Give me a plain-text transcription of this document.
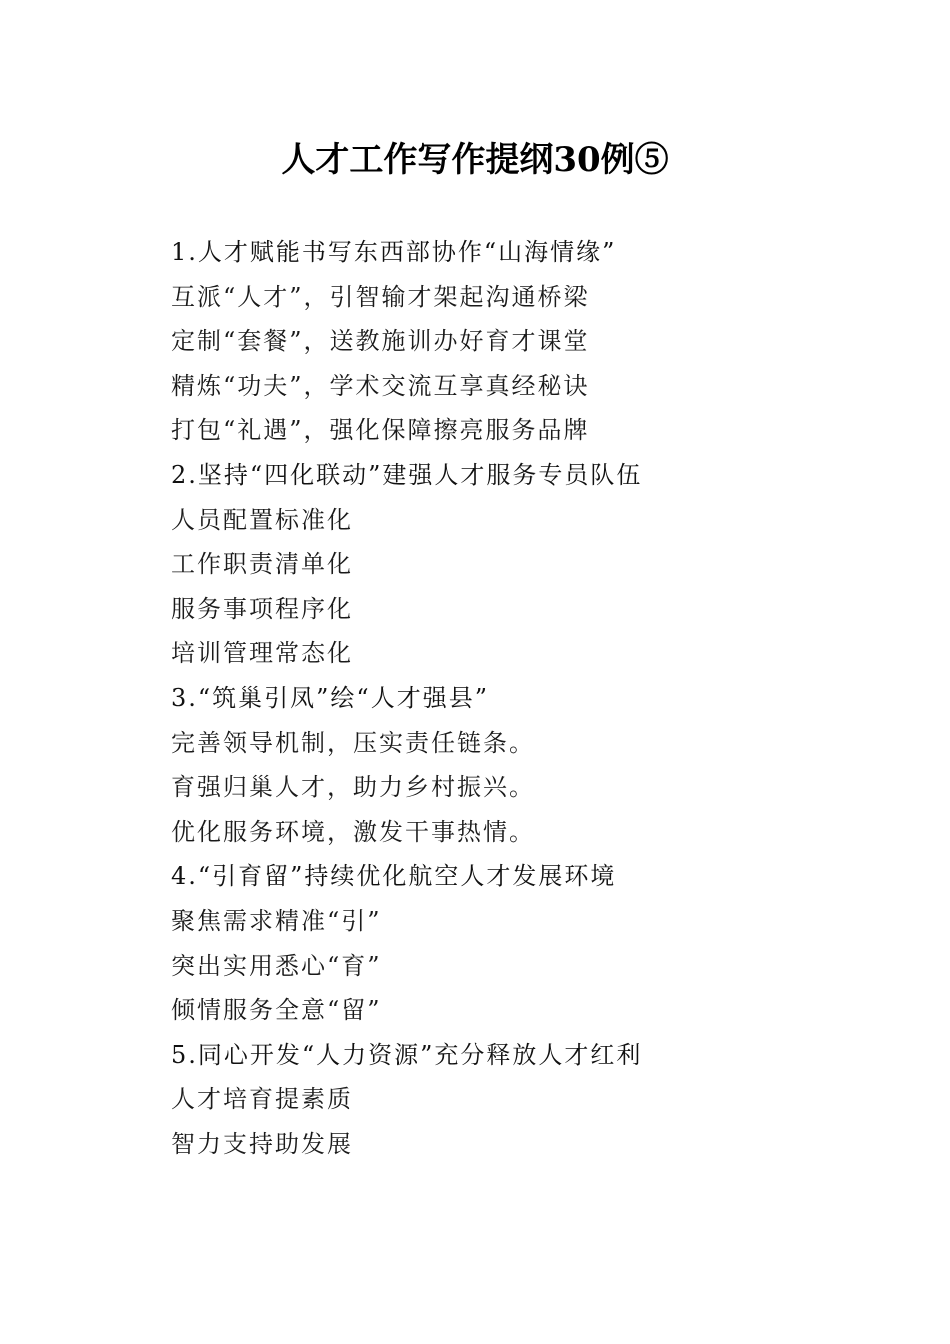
人才工作写作提纲30例⑤
1.人才赋能书写东西部协作“山海情缘”
互派“人才”，引智输才架起沟通桥梁
定制“套餐”，送教施训办好育才课堂
精炼“功夫”，学术交流互享真经秘诀
打包“礼遇”，强化保障擦亮服务品牌
2.坚持“四化联动”建强人才服务专员队伍
人员配置标准化
工作职责清单化
服务事项程序化
培训管理常态化
3.“筑巢引凤”绘“人才强县”
完善领导机制，压实责任链条。
育强归巢人才，助力乡村振兴。
优化服务环境，激发干事热情。
4.“引育留”持续优化航空人才发展环境
聚焦需求精准“引”
突出实用悉心“育”
倾情服务全意“留”
5.同心开发“人力资源”充分释放人才红利
人才培育提素质
智力支持助发展
